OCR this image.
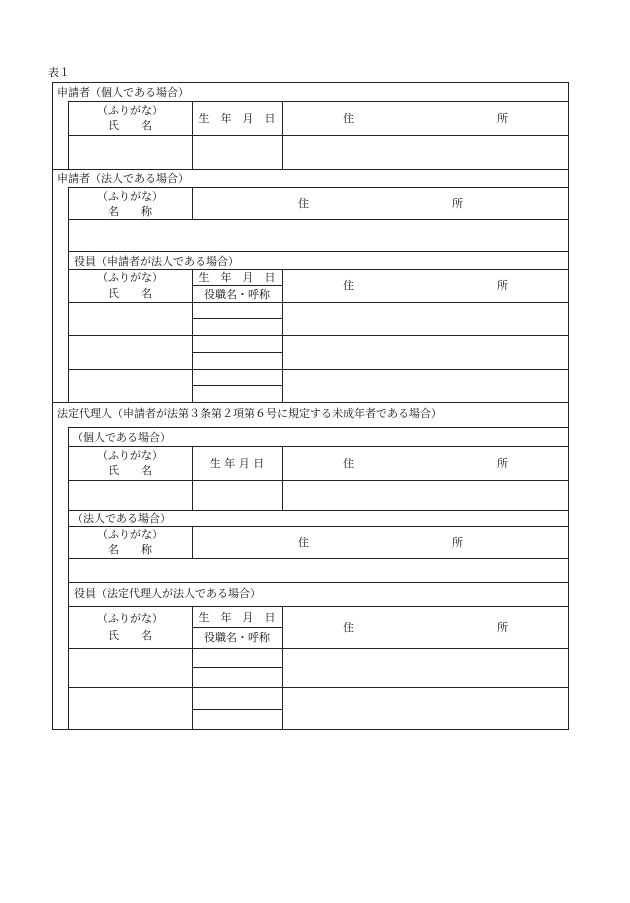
表１
申請者（個人である場合）
（ふりがな）
氏　　名
生　年　月　日	住　　　　　　　　　　　　　所
申請者（法人である場合）
（ふりがな）
名　　称
住　　　　　　　　　　　　　所
役員（申請者が法人である場合）
（ふりがな）
氏　　名
生　年　月　日
役職名・呼称
住　　　　　　　　　　　　　所
法定代理人（申請者が法第３条第２項第６号に規定する未成年者である場合）
（個人である場合）
（ふりがな）
氏　　名
生 年 月 日	住　　　　　　　　　　　　　所
（法人である場合）
（ふりがな）
名　　称
住　　　　　　　　　　　　　所
役員（法定代理人が法人である場合）
（ふりがな）
氏　　名
生　年　月　日
役職名・呼称
住　　　　　　　　　　　　　所
